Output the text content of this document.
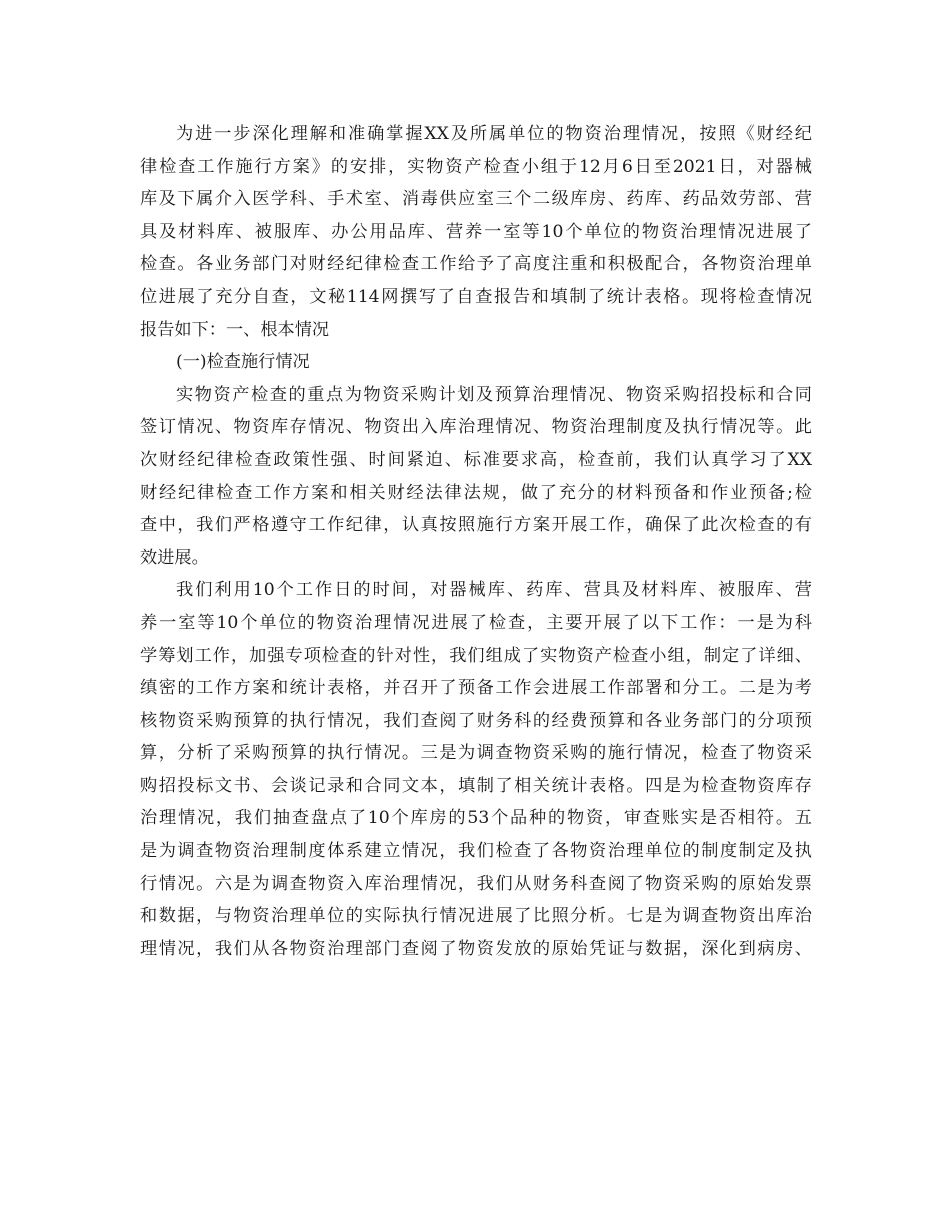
为进一步深化理解和准确掌握XX及所属单位的物资治理情况，按照《财经纪
律检查工作施行方案》的安排，实物资产检查小组于12月6日至2021日，对器械
库及下属介入医学科、手术室、消毒供应室三个二级库房、药库、药品效劳部、营
具及材料库、被服库、办公用品库、营养一室等10个单位的物资治理情况进展了
检查。各业务部门对财经纪律检查工作给予了高度注重和积极配合，各物资治理单
位进展了充分自查，文秘114网撰写了自查报告和填制了统计表格。现将检查情况
报告如下：一、根本情况
(一)检查施行情况
实物资产检查的重点为物资采购计划及预算治理情况、物资采购招投标和合同
签订情况、物资库存情况、物资出入库治理情况、物资治理制度及执行情况等。此
次财经纪律检查政策性强、时间紧迫、标准要求高，检查前，我们认真学习了XX
财经纪律检查工作方案和相关财经法律法规，做了充分的材料预备和作业预备;检
查中，我们严格遵守工作纪律，认真按照施行方案开展工作，确保了此次检查的有
效进展。
我们利用10个工作日的时间，对器械库、药库、营具及材料库、被服库、营
养一室等10个单位的物资治理情况进展了检查，主要开展了以下工作：一是为科
学筹划工作，加强专项检查的针对性，我们组成了实物资产检查小组，制定了详细、
缜密的工作方案和统计表格，并召开了预备工作会进展工作部署和分工。二是为考
核物资采购预算的执行情况，我们查阅了财务科的经费预算和各业务部门的分项预
算，分析了采购预算的执行情况。三是为调查物资采购的施行情况，检查了物资采
购招投标文书、会谈记录和合同文本，填制了相关统计表格。四是为检查物资库存
治理情况，我们抽查盘点了10个库房的53个品种的物资，审查账实是否相符。五
是为调查物资治理制度体系建立情况，我们检查了各物资治理单位的制度制定及执
行情况。六是为调查物资入库治理情况，我们从财务科查阅了物资采购的原始发票
和数据，与物资治理单位的实际执行情况进展了比照分析。七是为调查物资出库治
理情况，我们从各物资治理部门查阅了物资发放的原始凭证与数据，深化到病房、
